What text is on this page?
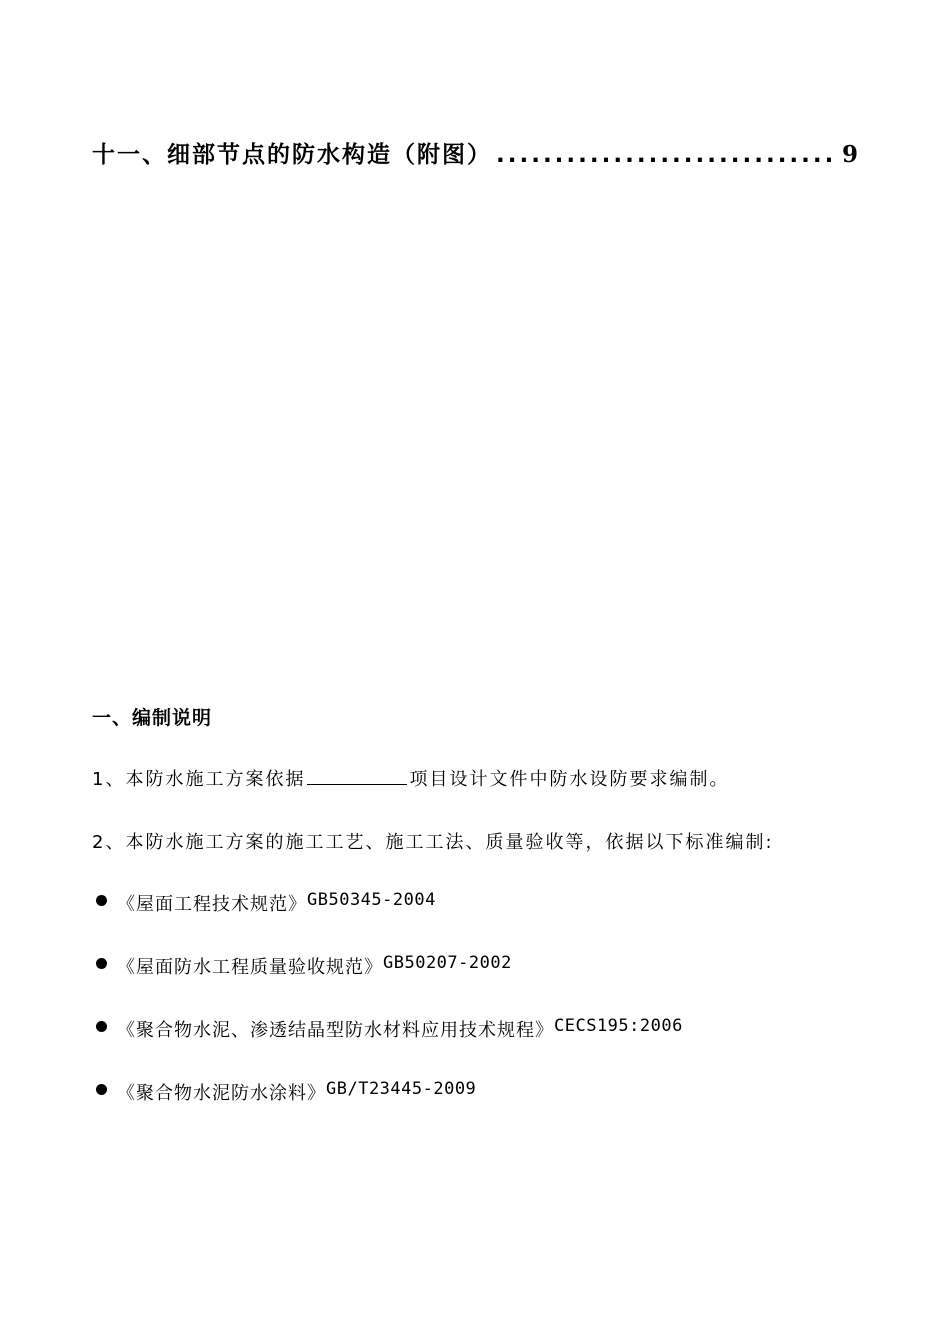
十一、细部节点的防水构造（附图）
.....	9
一、编制说明
1、本防水施工方案依据	项目设计文件中防水设防要求编制。
2、本防水施工方案的施工工艺、施工工法、质量验收等，依据以下标准编制:
《屋面工程技术规范》 GB50345-2004
《屋面防水工程质量验收规范》 GB50207-2002
《聚合物水泥、渗透结晶型防水材料应用技术规程》 CECS195:2006
《聚合物水泥防水涂料》 GB/T23445-2009
